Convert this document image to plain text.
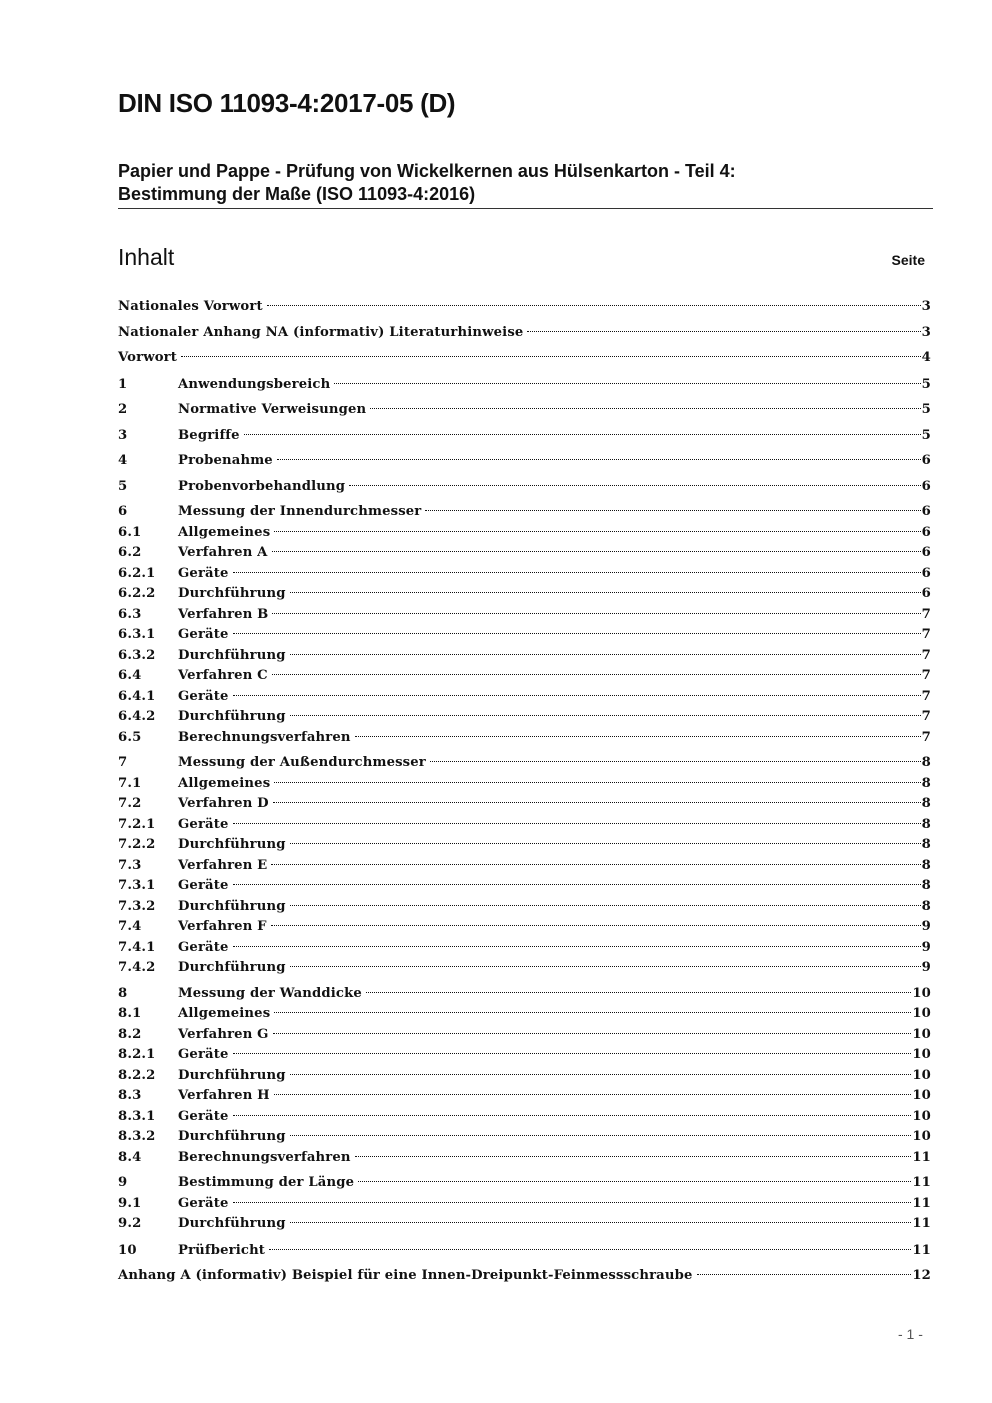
DIN ISO 11093-4:2017-05 (D)
Papier und Pappe - Prüfung von Wickelkernen aus Hülsenkarton - Teil 4:
Bestimmung der Maße (ISO 11093-4:2016)
Inhalt	Seite
Nationales Vorwort	3
Nationaler Anhang NA (informativ) Literaturhinweise	3
Vorwort	4
1	Anwendungsbereich	5
2	Normative Verweisungen	5
3	Begriffe	5
4	Probenahme	6
5	Probenvorbehandlung	6
6	Messung der Innendurchmesser	6
6.1	Allgemeines	6
6.2	Verfahren A	6
6.2.1	Geräte	6
6.2.2	Durchführung	6
6.3	Verfahren B	7
6.3.1	Geräte	7
6.3.2	Durchführung	7
6.4	Verfahren C	7
6.4.1	Geräte	7
6.4.2	Durchführung	7
6.5	Berechnungsverfahren	7
7	Messung der Außendurchmesser	8
7.1	Allgemeines	8
7.2	Verfahren D	8
7.2.1	Geräte	8
7.2.2	Durchführung	8
7.3	Verfahren E	8
7.3.1	Geräte	8
7.3.2	Durchführung	8
7.4	Verfahren F	9
7.4.1	Geräte	9
7.4.2	Durchführung	9
8	Messung der Wanddicke	10
8.1	Allgemeines	10
8.2	Verfahren G	10
8.2.1	Geräte	10
8.2.2	Durchführung	10
8.3	Verfahren H	10
8.3.1	Geräte	10
8.3.2	Durchführung	10
8.4	Berechnungsverfahren	11
9	Bestimmung der Länge	11
9.1	Geräte	11
9.2	Durchführung	11
10	Prüfbericht	11
Anhang A (informativ) Beispiel für eine Innen-Dreipunkt-Feinmessschraube	12
- 1 -
